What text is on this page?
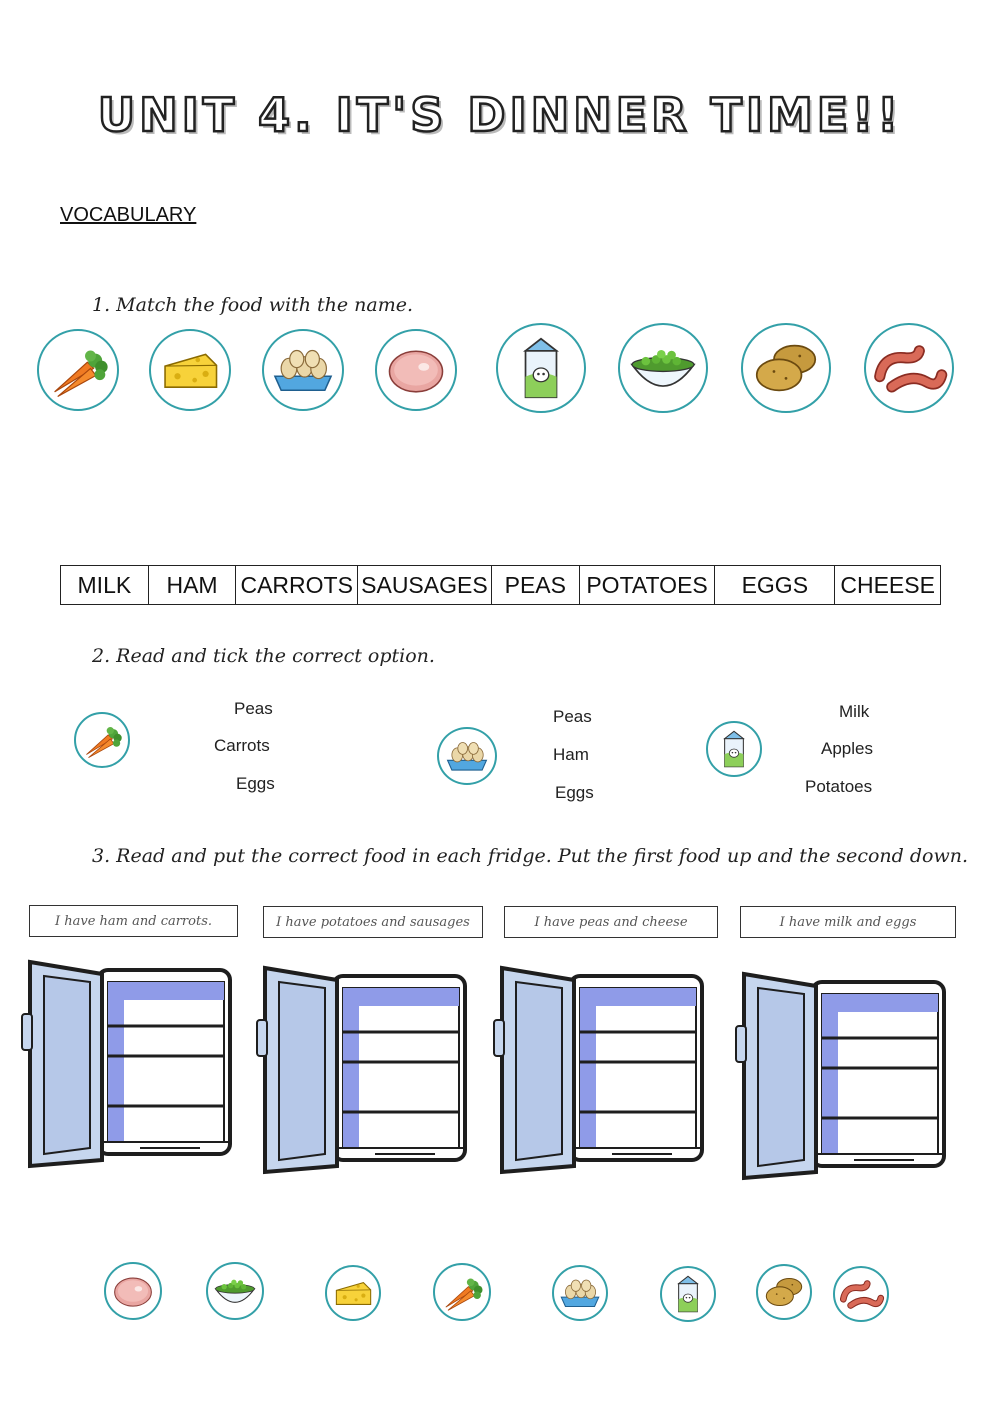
UNIT 4. IT'S DINNER TIME!!
VOCABULARY
1. Match the food with the name.
MILK	HAM	CARROTS	SAUSAGES	PEAS	POTATOES	EGGS	CHEESE
2. Read and tick the correct option.
Peas
Carrots
Eggs
Peas
Ham
Eggs
Milk
Apples
Potatoes
3. Read and put the correct food in each fridge. Put the first food up and the second down.
I have ham and carrots.	I have potatoes and sausages	I have peas and cheese	I have milk and eggs
